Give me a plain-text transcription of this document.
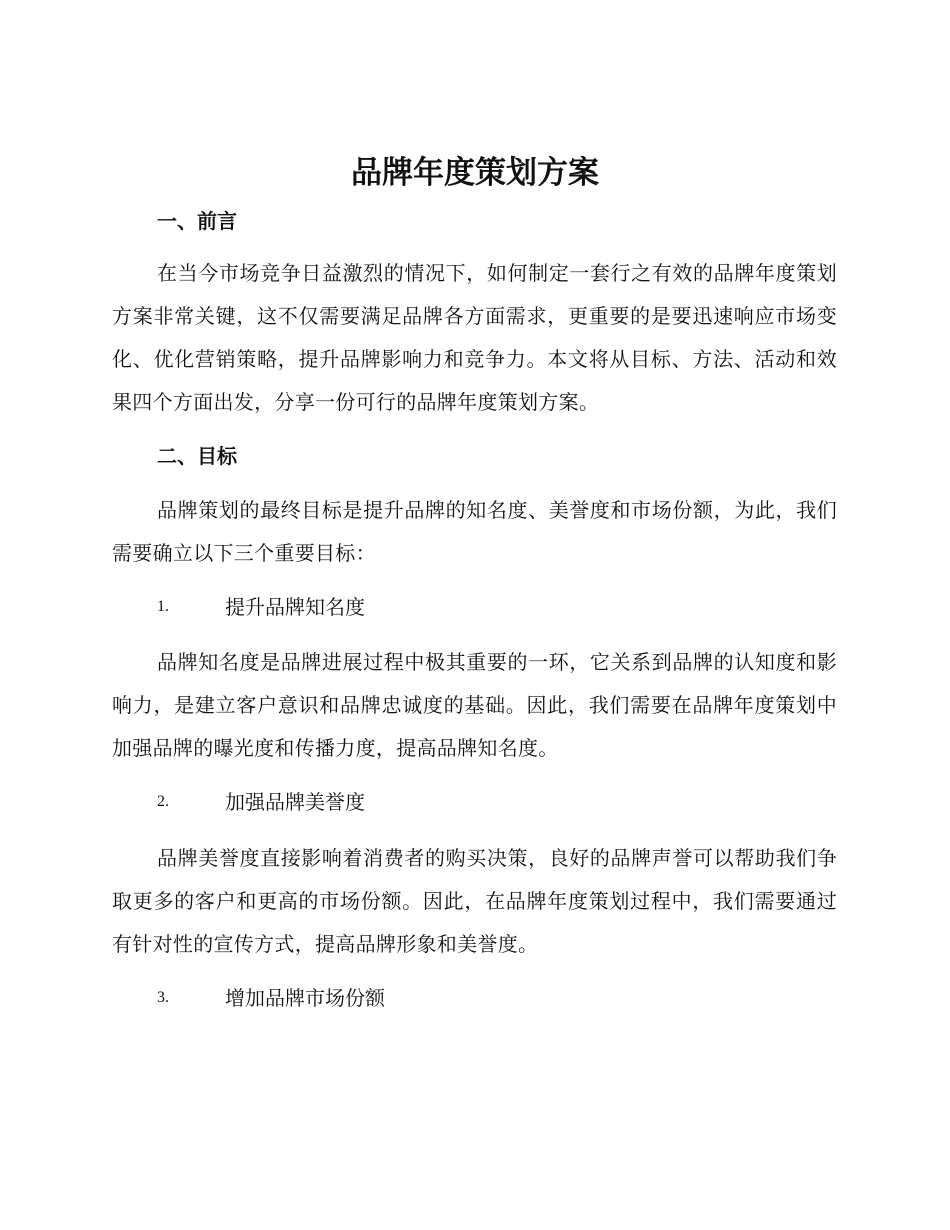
品牌年度策划方案
一、前言

在当今市场竞争日益激烈的情况下，如何制定一套行之有效的品牌年度策划方案非常关键，这不仅需要满足品牌各方面需求，更重要的是要迅速响应市场变化、优化营销策略，提升品牌影响力和竞争力。本文将从目标、方法、活动和效果四个方面出发，分享一份可行的品牌年度策划方案。

二、目标

品牌策划的最终目标是提升品牌的知名度、美誉度和市场份额，为此，我们需要确立以下三个重要目标：

1.	提升品牌知名度

品牌知名度是品牌进展过程中极其重要的一环，它关系到品牌的认知度和影响力，是建立客户意识和品牌忠诚度的基础。因此，我们需要在品牌年度策划中加强品牌的曝光度和传播力度，提高品牌知名度。

2.	加强品牌美誉度

品牌美誉度直接影响着消费者的购买决策，良好的品牌声誉可以帮助我们争取更多的客户和更高的市场份额。因此，在品牌年度策划过程中，我们需要通过有针对性的宣传方式，提高品牌形象和美誉度。

3.	增加品牌市场份额
